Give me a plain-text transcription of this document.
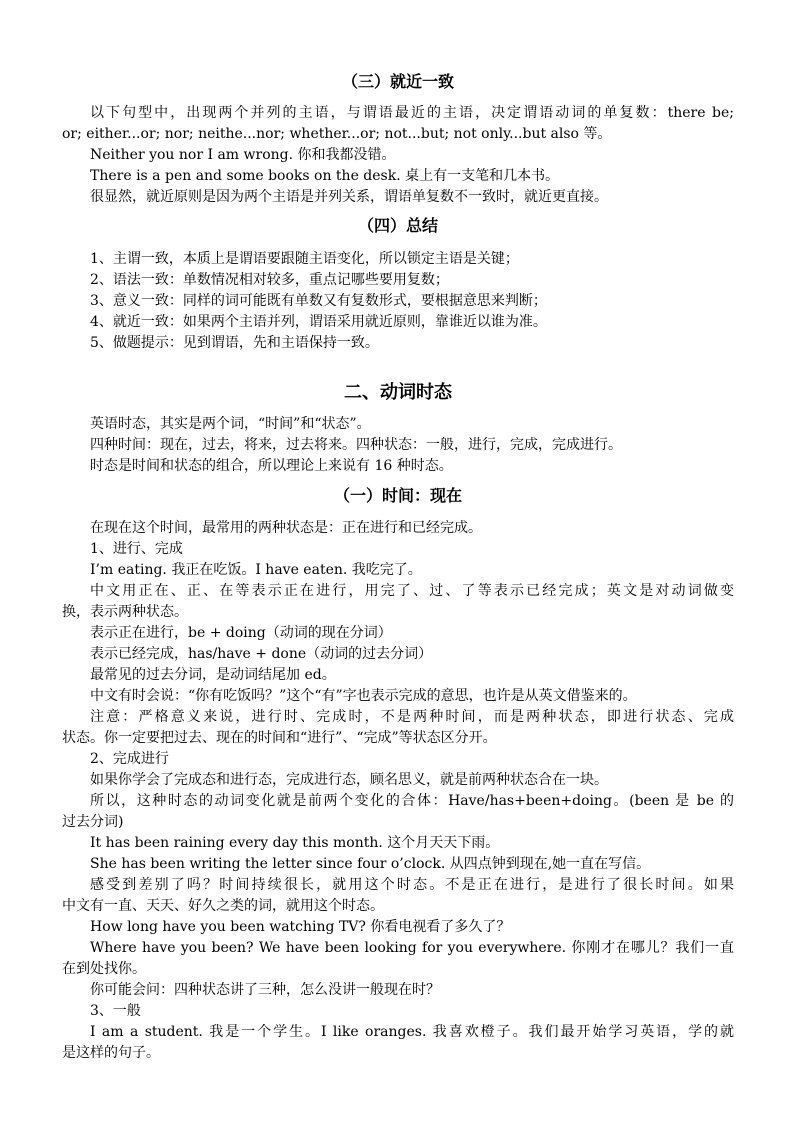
（三）就近一致
以下句型中，出现两个并列的主语，与谓语最近的主语，决定谓语动词的单复数：there be;
or; either...or; nor; neithe...nor; whether...or; not...but; not only...but also 等。
Neither you nor I am wrong. 你和我都没错。
There is a pen and some books on the desk. 桌上有一支笔和几本书。
很显然，就近原则是因为两个主语是并列关系，谓语单复数不一致时，就近更直接。
（四）总结
1、主谓一致，本质上是谓语要跟随主语变化，所以锁定主语是关键；
2、语法一致：单数情况相对较多，重点记哪些要用复数；
3、意义一致：同样的词可能既有单数又有复数形式，要根据意思来判断；
4、就近一致：如果两个主语并列，谓语采用就近原则，靠谁近以谁为准。
5、做题提示：见到谓语，先和主语保持一致。
二、动词时态
英语时态，其实是两个词，“时间”和“状态”。
四种时间：现在，过去，将来，过去将来。四种状态：一般，进行，完成，完成进行。
时态是时间和状态的组合，所以理论上来说有 16 种时态。
（一）时间：现在
在现在这个时间，最常用的两种状态是：正在进行和已经完成。
1、进行、完成
I’m eating. 我正在吃饭。I have eaten. 我吃完了。
中文用正在、正、在等表示正在进行，用完了、过、了等表示已经完成；英文是对动词做变
换，表示两种状态。
表示正在进行，be + doing（动词的现在分词）
表示已经完成，has/have + done（动词的过去分词）
最常见的过去分词，是动词结尾加 ed。
中文有时会说：“你有吃饭吗？”这个“有”字也表示完成的意思，也许是从英文借鉴来的。
注意：严格意义来说，进行时、完成时，不是两种时间，而是两种状态，即进行状态、完成
状态。你一定要把过去、现在的时间和“进行”、“完成”等状态区分开。
2、完成进行
如果你学会了完成态和进行态，完成进行态，顾名思义，就是前两种状态合在一块。
所以，这种时态的动词变化就是前两个变化的合体：Have/has+been+doing。(been 是 be 的
过去分词)
It has been raining every day this month. 这个月天天下雨。
She has been writing the letter since four o’clock. 从四点钟到现在,她一直在写信。
感受到差别了吗？时间持续很长，就用这个时态。不是正在进行，是进行了很长时间。如果
中文有一直、天天、好久之类的词，就用这个时态。
How long have you been watching TV? 你看电视看了多久了？
Where have you been? We have been looking for you everywhere. 你刚才在哪儿？我们一直
在到处找你。
你可能会问：四种状态讲了三种，怎么没讲一般现在时？
3、一般
I am a student. 我是一个学生。I like oranges. 我喜欢橙子。我们最开始学习英语，学的就
是这样的句子。
